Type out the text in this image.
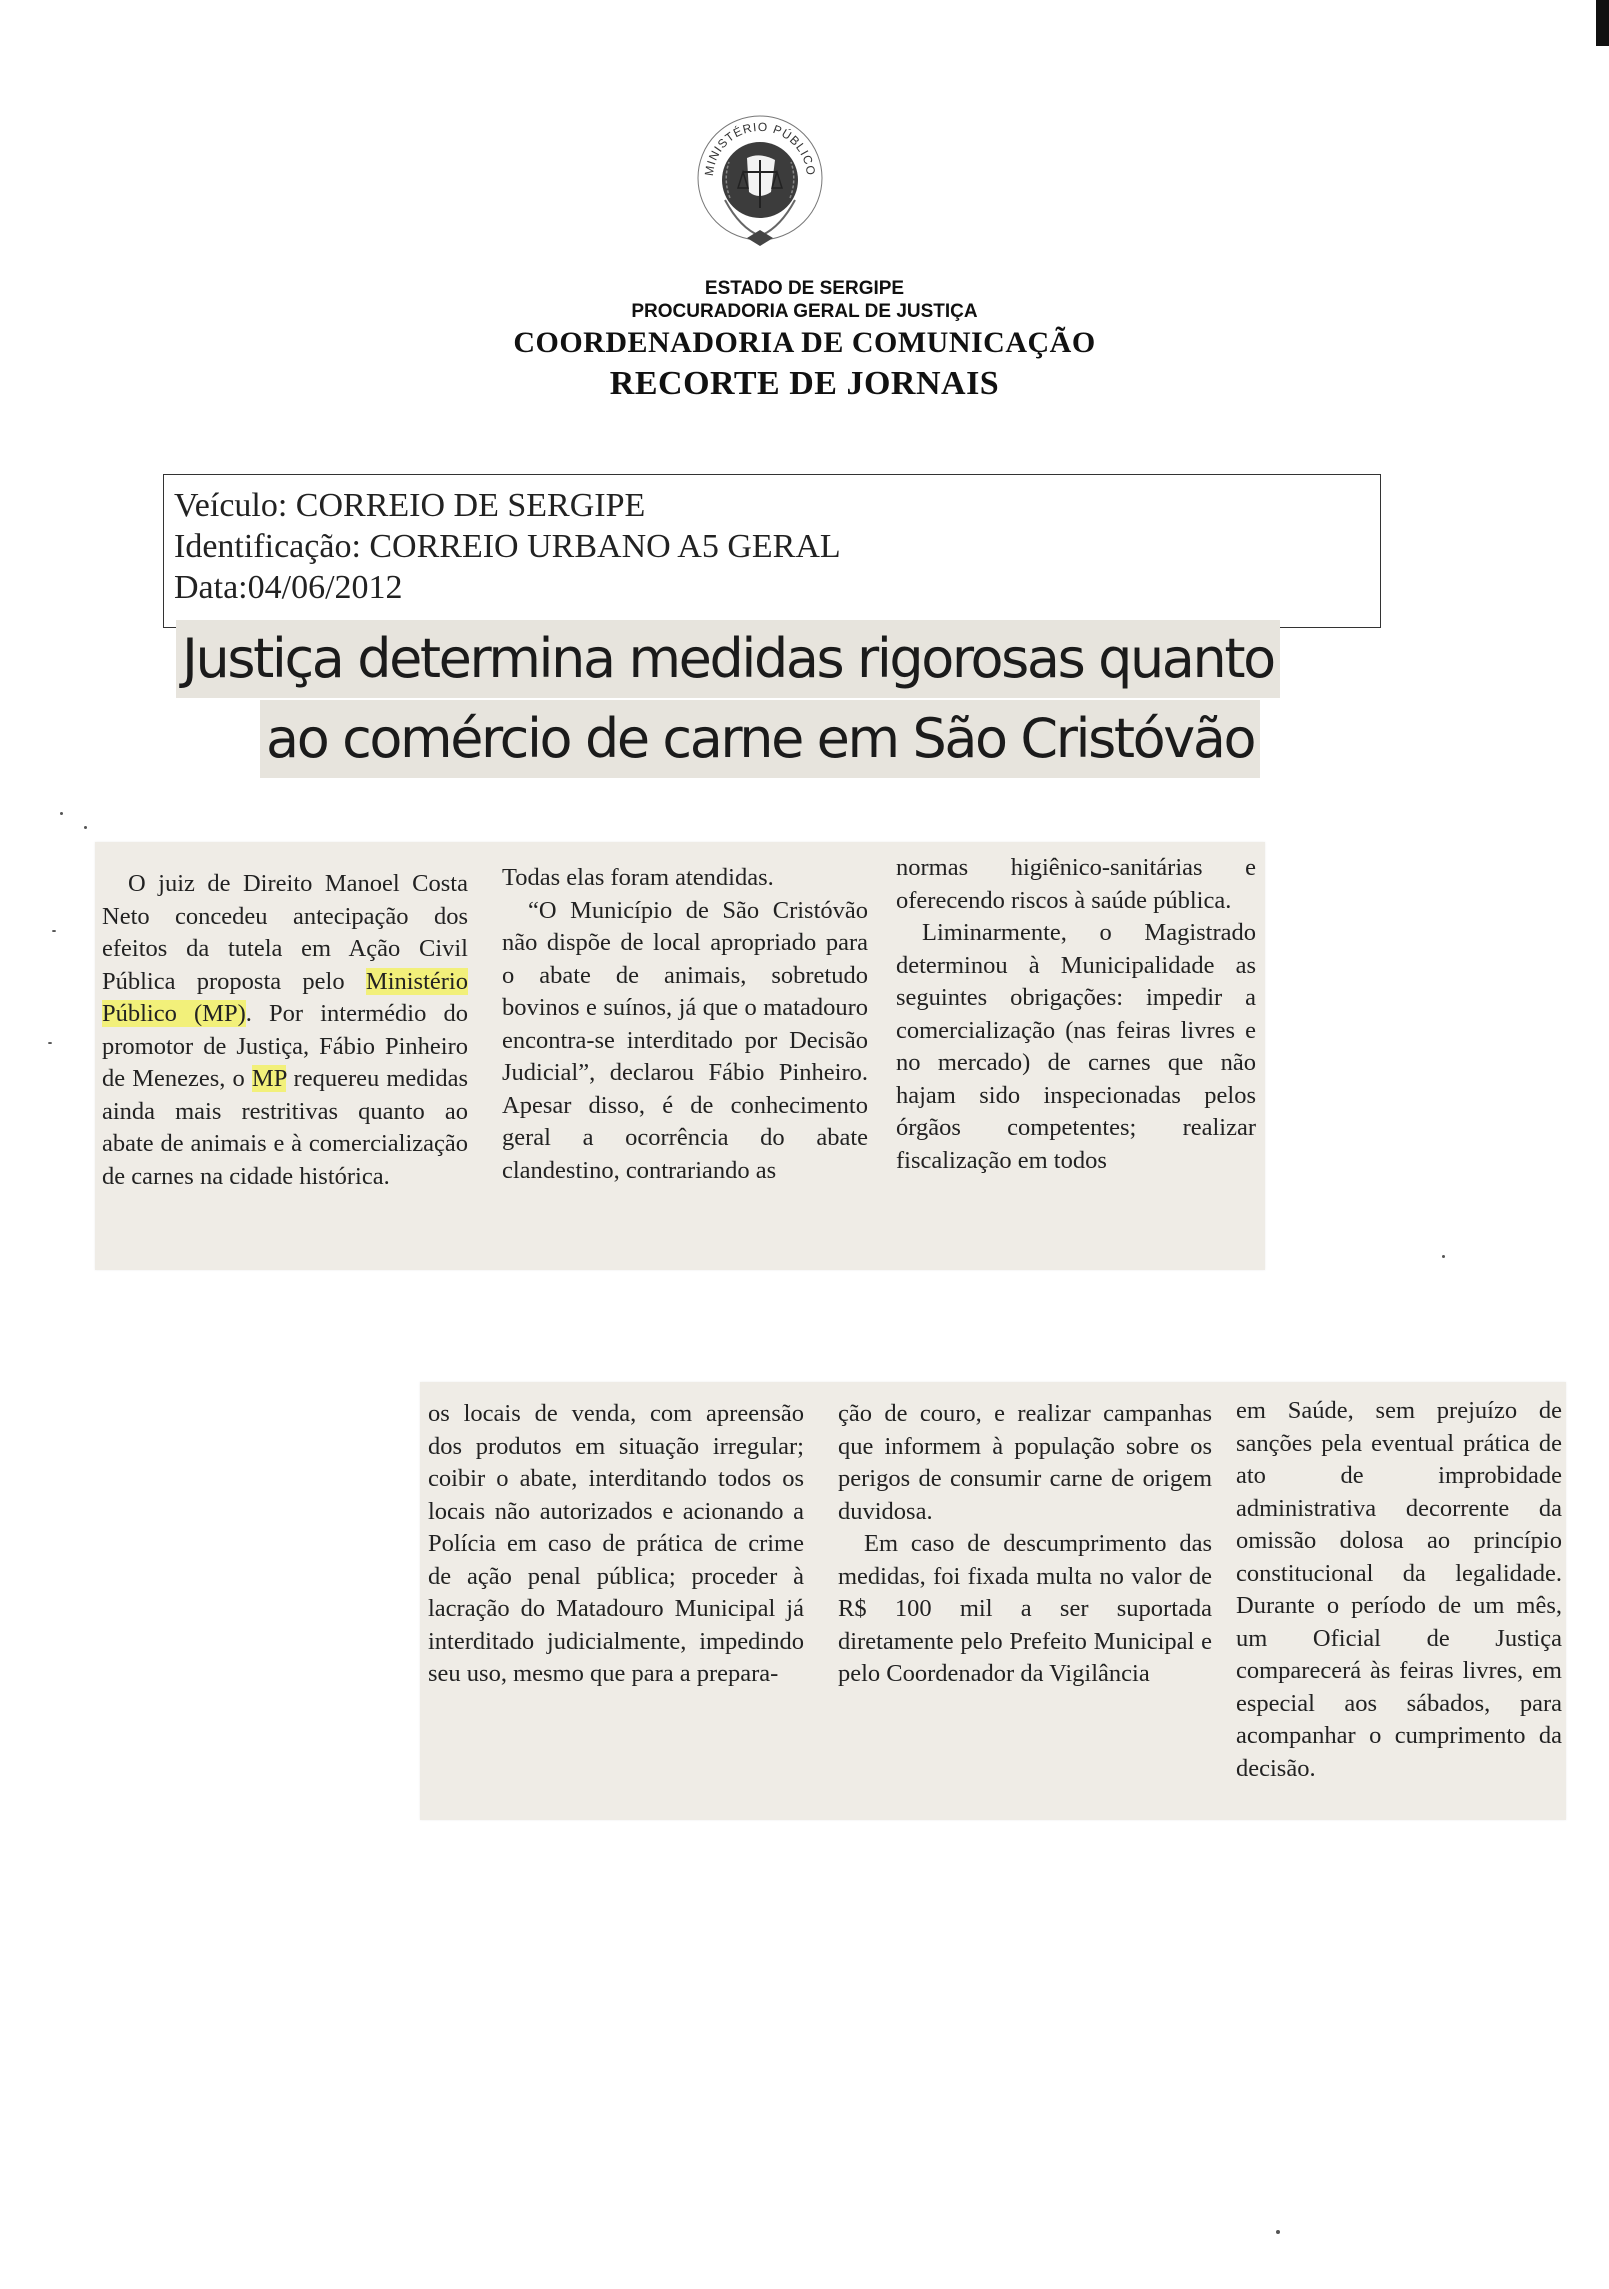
MINISTÉRIO PÚBLICO
ESTADO DE SERGIPE
PROCURADORIA GERAL DE JUSTIÇA
COORDENADORIA DE COMUNICAÇÃO
RECORTE DE JORNAIS
Veículo: CORREIO DE SERGIPE
Identificação: CORREIO URBANO A5 GERAL
Data:04/06/2012
Justiça determina medidas rigorosas quanto
ao comércio de carne em São Cristóvão

O juiz de Direito Manoel Costa Neto concedeu antecipação dos efeitos da tutela em Ação Civil Pública proposta pelo Ministério Público (MP). Por intermédio do promotor de Justiça, Fábio Pinheiro de Menezes, o MP requereu medidas ainda mais restritivas quanto ao abate de animais e à comercialização de carnes na cidade histórica.

Todas elas foram atendidas.

“O Município de São Cristóvão não dispõe de local apropriado para o abate de animais, sobretudo bovinos e suínos, já que o matadouro encontra-se interditado por Decisão Judicial”, declarou Fábio Pinheiro. Apesar disso, é de conhecimento geral a ocorrência do abate clandestino, contrariando as

normas higiênico-sanitárias e oferecendo riscos à saúde pública.

Liminarmente, o Magistrado determinou à Municipalidade as seguintes obrigações: impedir a comercialização (nas feiras livres e no mercado) de carnes que não hajam sido inspecionadas pelos órgãos competentes; realizar fiscalização em todos

os locais de venda, com apreensão dos produtos em situação irregular; coibir o abate, interditando todos os locais não autorizados e acionando a Polícia em caso de prática de crime de ação penal pública; proceder à lacração do Matadouro Municipal já interditado judicialmente, impedindo seu uso, mesmo que para a prepara-

ção de couro, e realizar campanhas que informem à população sobre os perigos de consumir carne de origem duvidosa.

Em caso de descumprimento das medidas, foi fixada multa no valor de R$ 100 mil a ser suportada diretamente pelo Prefeito Municipal e pelo Coordenador da Vigilância

em Saúde, sem prejuízo de sanções pela eventual prática de ato de improbidade administrativa decorrente da omissão dolosa ao princípio constitucional da legalidade. Durante o período de um mês, um Oficial de Justiça comparecerá às feiras livres, em especial aos sábados, para acompanhar o cumprimento da decisão.
